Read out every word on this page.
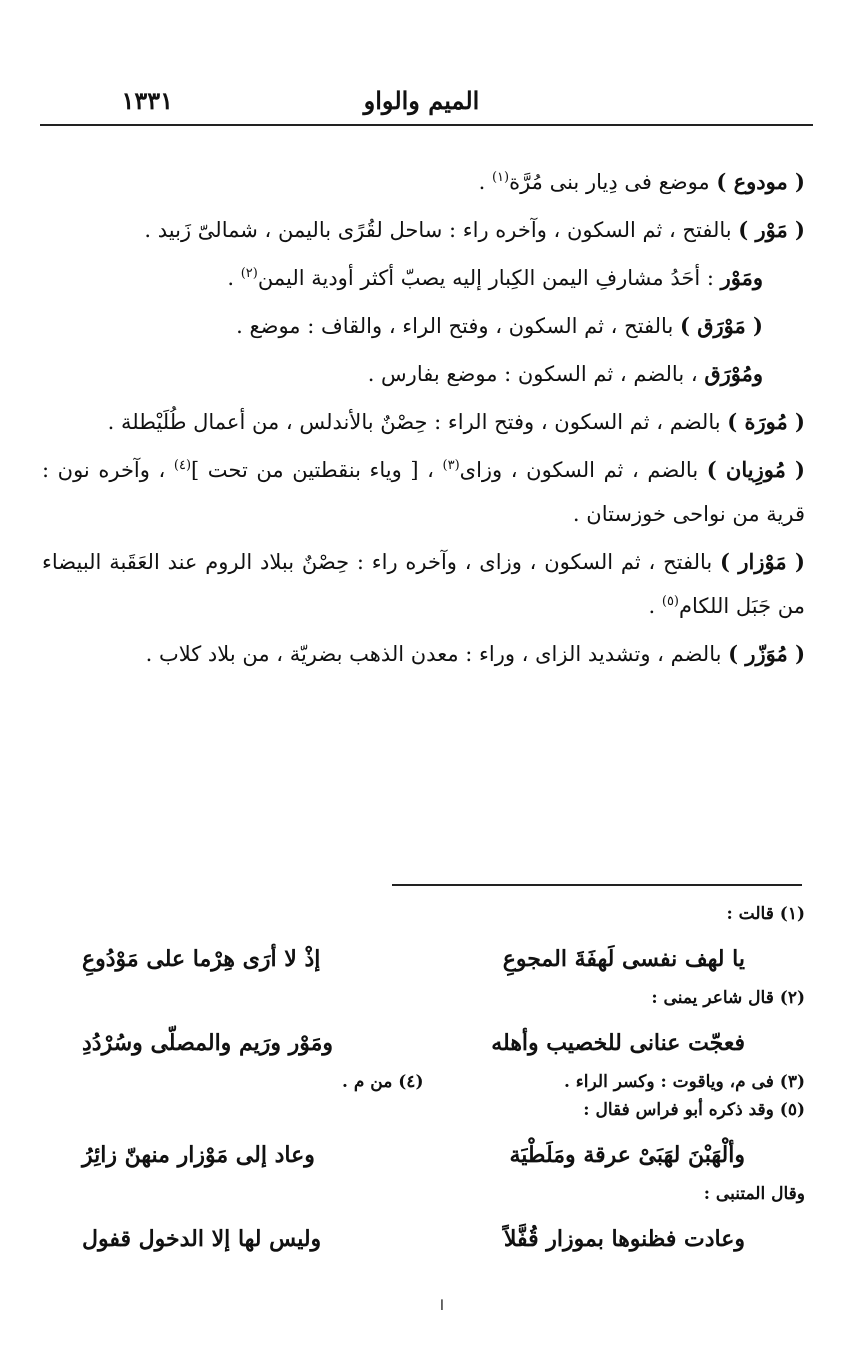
الميم والواو
١٣٣١

( مودوع ) موضع فى دِيار بنى مُرَّة$^{(١)}$ .

( مَوْر ) بالفتح ، ثم السكون ، وآخره راء : ساحل لقُرًى باليمن ، شمالىّ زَبيد .

ومَوْر : أحَدُ مشارفِ اليمن الكِبار إليه يصبّ أكثر أودية اليمن$^{(٢)}$ .

( مَوْرَق ) بالفتح ، ثم السكون ، وفتح الراء ، والقاف : موضع .

ومُوْرَق ، بالضم ، ثم السكون : موضع بفارس .

( مُورَة ) بالضم ، ثم السكون ، وفتح الراء : حِصْنٌ بالأندلس ، من أعمال طُلَيْطلة .

( مُوزِيان ) بالضم ، ثم السكون ، وزاى$^{(٣)}$ ، [ وياء بنقطتين من تحت ]$^{(٤)}$ ، وآخره نون : قرية من نواحى خوزستان .

( مَوْزار ) بالفتح ، ثم السكون ، وزاى ، وآخره راء : حِصْنٌ ببلاد الروم عند العَقَبة البيضاء من جَبَل اللكام$^{(٥)}$ .

( مُوَزّر ) بالضم ، وتشديد الزاى ، وراء : معدن الذهب بضريّة ، من بلاد كلاب .

(١) قالت :

يا لهف نفسى لَهفَةَ المجوعِ
إذْ لا أرَى هِرْما على مَوْدُوعِ

(٢) قال شاعر يمنى :

فعجّت عنانى للخصيب وأهله
ومَوْر ورَيم والمصلّى وسُرْدُدِ

(٣) فى م، وياقوت : وكسر الراء .

(٤) من م .

(٥) وقد ذكره أبو فراس فقال :

وألْهَبْنَ لهَبَىْ عرقة ومَلَطْيَة
وعاد إلى مَوْزار منهنّ زائِرُ

وقال المتنبى :

وعادت فظنوها بموزار قُفَّلاً
وليس لها إلا الدخول قفول
ا
